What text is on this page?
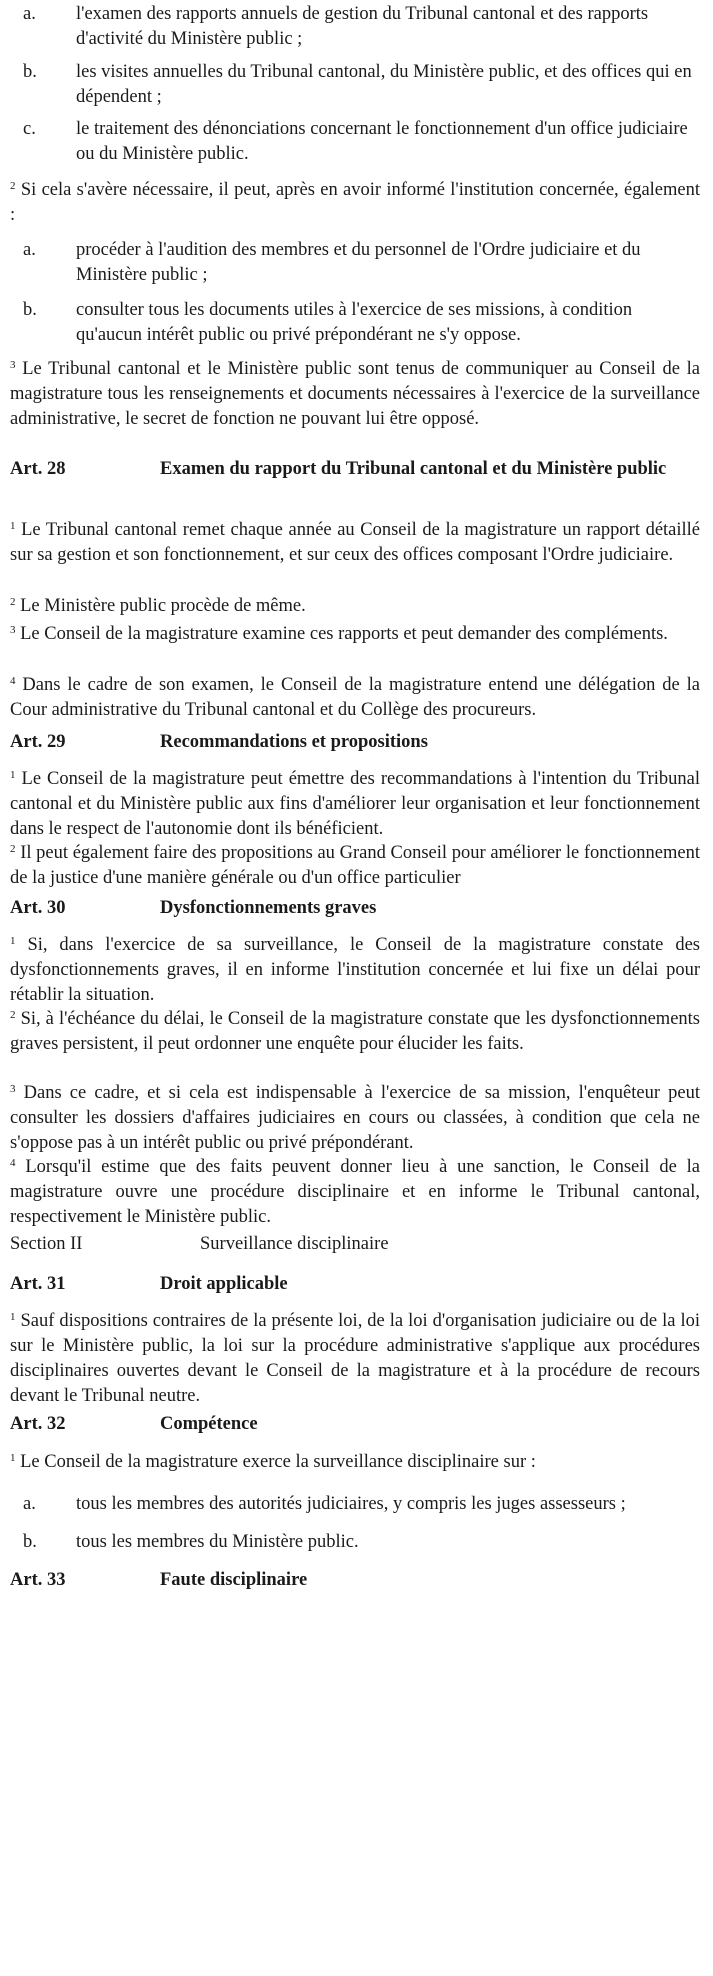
a. l'examen des rapports annuels de gestion du Tribunal cantonal et des rapports d'activité du Ministère public ;
b. les visites annuelles du Tribunal cantonal, du Ministère public, et des offices qui en dépendent ;
c. le traitement des dénonciations concernant le fonctionnement d'un office judiciaire ou du Ministère public.
$^2$ Si cela s'avère nécessaire, il peut, après en avoir informé l'institution concernée, également :
a. procéder à l'audition des membres et du personnel de l'Ordre judiciaire et du Ministère public ;
b. consulter tous les documents utiles à l'exercice de ses missions, à condition qu'aucun intérêt public ou privé prépondérant ne s'y oppose.
$^3$ Le Tribunal cantonal et le Ministère public sont tenus de communiquer au Conseil de la magistrature tous les renseignements et documents nécessaires à l'exercice de la surveillance administrative, le secret de fonction ne pouvant lui être opposé.
Art. 28	Examen du rapport du Tribunal cantonal et du Ministère public
$^1$ Le Tribunal cantonal remet chaque année au Conseil de la magistrature un rapport détaillé sur sa gestion et son fonctionnement, et sur ceux des offices composant l'Ordre judiciaire.
$^2$ Le Ministère public procède de même.
$^3$ Le Conseil de la magistrature examine ces rapports et peut demander des compléments.
$^4$ Dans le cadre de son examen, le Conseil de la magistrature entend une délégation de la Cour administrative du Tribunal cantonal et du Collège des procureurs.
Art. 29	Recommandations et propositions
$^1$ Le Conseil de la magistrature peut émettre des recommandations à l'intention du Tribunal cantonal et du Ministère public aux fins d'améliorer leur organisation et leur fonctionnement dans le respect de l'autonomie dont ils bénéficient.
$^2$ Il peut également faire des propositions au Grand Conseil pour améliorer le fonctionnement de la justice d'une manière générale ou d'un office particulier
Art. 30	Dysfonctionnements graves
$^1$ Si, dans l'exercice de sa surveillance, le Conseil de la magistrature constate des dysfonctionnements graves, il en informe l'institution concernée et lui fixe un délai pour rétablir la situation.
$^2$ Si, à l'échéance du délai, le Conseil de la magistrature constate que les dysfonctionnements graves persistent, il peut ordonner une enquête pour élucider les faits.
$^3$ Dans ce cadre, et si cela est indispensable à l'exercice de sa mission, l'enquêteur peut consulter les dossiers d'affaires judiciaires en cours ou classées, à condition que cela ne s'oppose pas à un intérêt public ou privé prépondérant.
$^4$ Lorsqu'il estime que des faits peuvent donner lieu à une sanction, le Conseil de la magistrature ouvre une procédure disciplinaire et en informe le Tribunal cantonal, respectivement le Ministère public.
Section II	Surveillance disciplinaire
Art. 31	Droit applicable
$^1$ Sauf dispositions contraires de la présente loi, de la loi d'organisation judiciaire ou de la loi sur le Ministère public, la loi sur la procédure administrative s'applique aux procédures disciplinaires ouvertes devant le Conseil de la magistrature et à la procédure de recours devant le Tribunal neutre.
Art. 32	Compétence
$^1$ Le Conseil de la magistrature exerce la surveillance disciplinaire sur :
a. tous les membres des autorités judiciaires, y compris les juges assesseurs ;
b. tous les membres du Ministère public.
Art. 33	Faute disciplinaire
